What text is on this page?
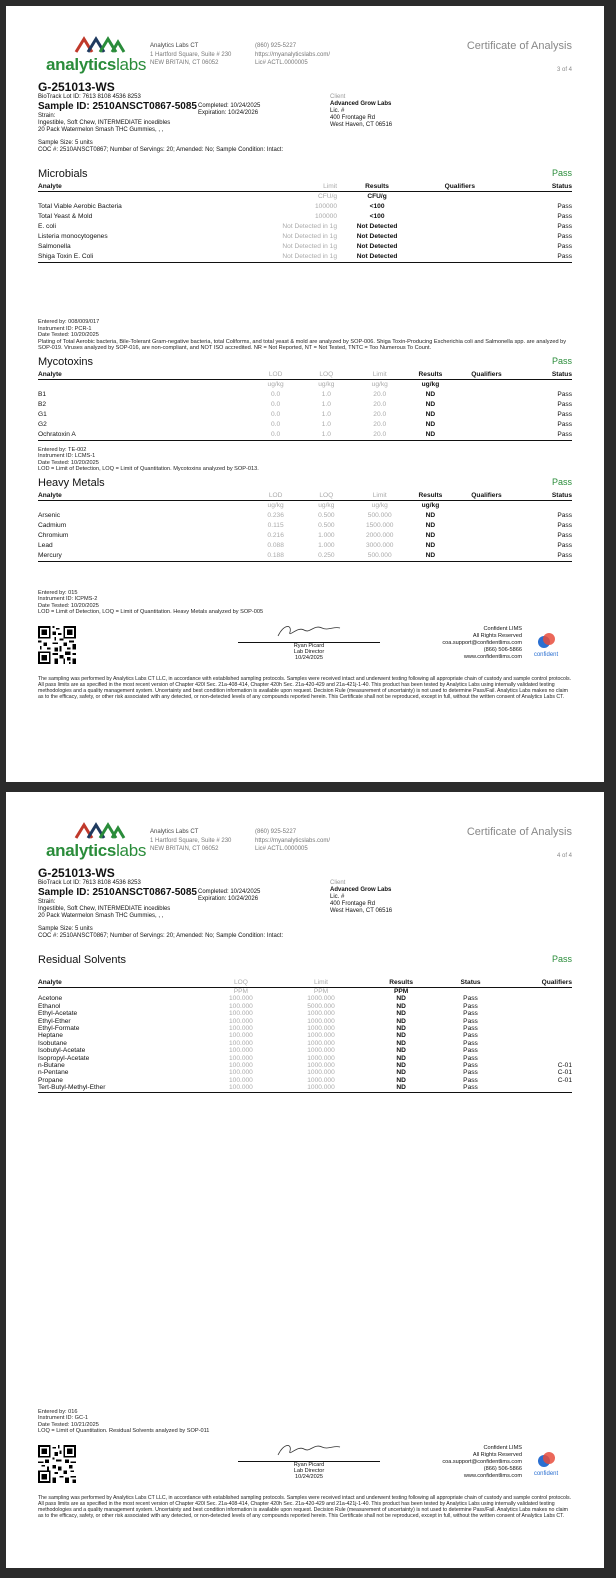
analyticslabs
Analytics Labs CT
1 Hartford Square, Suite # 230
NEW BRITAIN, CT 06052
(860) 925-5227
https://myanalyticslabs.com/
Lic# ACTL.0000005
Certificate of Analysis
3 of 4
G-251013-WS
BioTrack Lot ID: 7613 8108 4536 8253
Sample ID: 2510ANSCT0867-5085
Strain:
Ingestible, Soft Chew, INTERMEDIATE incedibles
20 Pack Watermelon Smash THC Gummies, , ,
Completed: 10/24/2025
Expiration: 10/24/2026
Client
Advanced Grow Labs
Lic. #
400 Frontage Rd
West Haven, CT 06516
Sample Size: 5 units
COC #: 2510ANSCT0867; Number of Servings: 20; Amended: No; Sample Condition: Intact:
Microbials	Pass
Analyte	Limit	Results	Qualifiers	Status
	CFU/g	CFU/g		
Total Viable Aerobic Bacteria	100000	<100		Pass
Total Yeast & Mold	100000	<100		Pass
E. coli	Not Detected in 1g	Not Detected		Pass
Listeria monocytogenes	Not Detected in 1g	Not Detected		Pass
Salmonella	Not Detected in 1g	Not Detected		Pass
Shiga Toxin E. Coli	Not Detected in 1g	Not Detected		Pass
Entered by: 008/009/017
Instrument ID: PCR-1
Date Tested: 10/20/2025
Plating of Total Aerobic bacteria, Bile-Tolerant Gram-negative bacteria, total Coliforms, and total yeast & mold are analyzed by SOP-006. Shiga Toxin-Producing Escherichia coli and Salmonella spp. are analyzed by SOP-019. Viruses analyzed by SOP-016, are non-compliant, and NOT ISO accredited. NR = Not Reported, NT = Not Tested, TNTC = Too Numerous To Count.
Mycotoxins	Pass
Analyte	LOD	LOQ	Limit	Results	Qualifiers	Status
	ug/kg	ug/kg	ug/kg	ug/kg		
B1	0.0	1.0	20.0	ND		Pass
B2	0.0	1.0	20.0	ND		Pass
G1	0.0	1.0	20.0	ND		Pass
G2	0.0	1.0	20.0	ND		Pass
Ochratoxin A	0.0	1.0	20.0	ND		Pass
Entered by: TE-002
Instrument ID: LCMS-1
Date Tested: 10/20/2025
LOD = Limit of Detection, LOQ = Limit of Quantitation. Mycotoxins analyzed by SOP-013.
Heavy Metals	Pass
Analyte	LOD	LOQ	Limit	Results	Qualifiers	Status
	ug/kg	ug/kg	ug/kg	ug/kg		
Arsenic	0.236	0.500	500.000	ND		Pass
Cadmium	0.115	0.500	1500.000	ND		Pass
Chromium	0.216	1.000	2000.000	ND		Pass
Lead	0.088	1.000	3000.000	ND		Pass
Mercury	0.188	0.250	500.000	ND		Pass
Entered by: 015
Instrument ID: ICPMS-2
Date Tested: 10/20/2025
LOD = Limit of Detection, LOQ = Limit of Quantitation. Heavy Metals analyzed by SOP-005
Ryan Picard
Lab Director
10/24/2025
Confident LIMS
All Rights Reserved
coa.support@confidentlims.com
(866) 506-5866
www.confidentlims.com	confident
The sampling was performed by Analytics Labs CT LLC, in accordance with established sampling protocols. Samples were received intact and underwent testing following all appropriate chain of custody and sample control protocols. All pass limits are as specified in the most recent version of Chapter 420l Sec. 21a-408-414, Chapter 420h Sec. 21a-420-429 and 21a-421j-1-40. This product has been tested by Analytics Labs using internally validated testing methodologies and a quality management system. Uncertainty and best condition information is available upon request. Decision Rule (measurement of uncertainty) is not used to determine Pass/Fail. Analytics Labs makes no claim as to the efficacy, safety, or other risk associated with any detected, or non-detected levels of any compounds reported herein. This Certificate shall not be reproduced, except in full, without the written consent of Analytics Labs CT.
analyticslabs
Analytics Labs CT
1 Hartford Square, Suite # 230
NEW BRITAIN, CT 06052
(860) 925-5227
https://myanalyticslabs.com/
Lic# ACTL.0000005
Certificate of Analysis
4 of 4
G-251013-WS
BioTrack Lot ID: 7613 8108 4536 8253
Sample ID: 2510ANSCT0867-5085
Strain:
Ingestible, Soft Chew, INTERMEDIATE incedibles
20 Pack Watermelon Smash THC Gummies, , ,
Completed: 10/24/2025
Expiration: 10/24/2026
Client
Advanced Grow Labs
Lic. #
400 Frontage Rd
West Haven, CT 06516
Sample Size: 5 units
COC #: 2510ANSCT0867; Number of Servings: 20; Amended: No; Sample Condition: Intact:
Residual Solvents	Pass
Analyte	LOQ	Limit	Results	Status	Qualifiers
	PPM	PPM	PPM		
Acetone	100.000	1000.000	ND	Pass	
Ethanol	100.000	5000.000	ND	Pass	
Ethyl-Acetate	100.000	1000.000	ND	Pass	
Ethyl-Ether	100.000	1000.000	ND	Pass	
Ethyl-Formate	100.000	1000.000	ND	Pass	
Heptane	100.000	1000.000	ND	Pass	
Isobutane	100.000	1000.000	ND	Pass	
Isobutyl-Acetate	100.000	1000.000	ND	Pass	
Isopropyl-Acetate	100.000	1000.000	ND	Pass	
n-Butane	100.000	1000.000	ND	Pass	C-01
n-Pentane	100.000	1000.000	ND	Pass	C-01
Propane	100.000	1000.000	ND	Pass	C-01
Tert-Butyl-Methyl-Ether	100.000	1000.000	ND	Pass	
Entered by: 016
Instrument ID: GC-1
Date Tested: 10/21/2025
LOQ = Limit of Quantitation. Residual Solvents analyzed by SOP-011
Ryan Picard
Lab Director
10/24/2025
Confident LIMS
All Rights Reserved
coa.support@confidentlims.com
(866) 506-5866
www.confidentlims.com	confident
The sampling was performed by Analytics Labs CT LLC, in accordance with established sampling protocols. Samples were received intact and underwent testing following all appropriate chain of custody and sample control protocols. All pass limits are as specified in the most recent version of Chapter 420l Sec. 21a-408-414, Chapter 420h Sec. 21a-420-429 and 21a-421j-1-40. This product has been tested by Analytics Labs using internally validated testing methodologies and a quality management system. Uncertainty and best condition information is available upon request. Decision Rule (measurement of uncertainty) is not used to determine Pass/Fail. Analytics Labs makes no claim as to the efficacy, safety, or other risk associated with any detected, or non-detected levels of any compounds reported herein. This Certificate shall not be reproduced, except in full, without the written consent of Analytics Labs CT.
